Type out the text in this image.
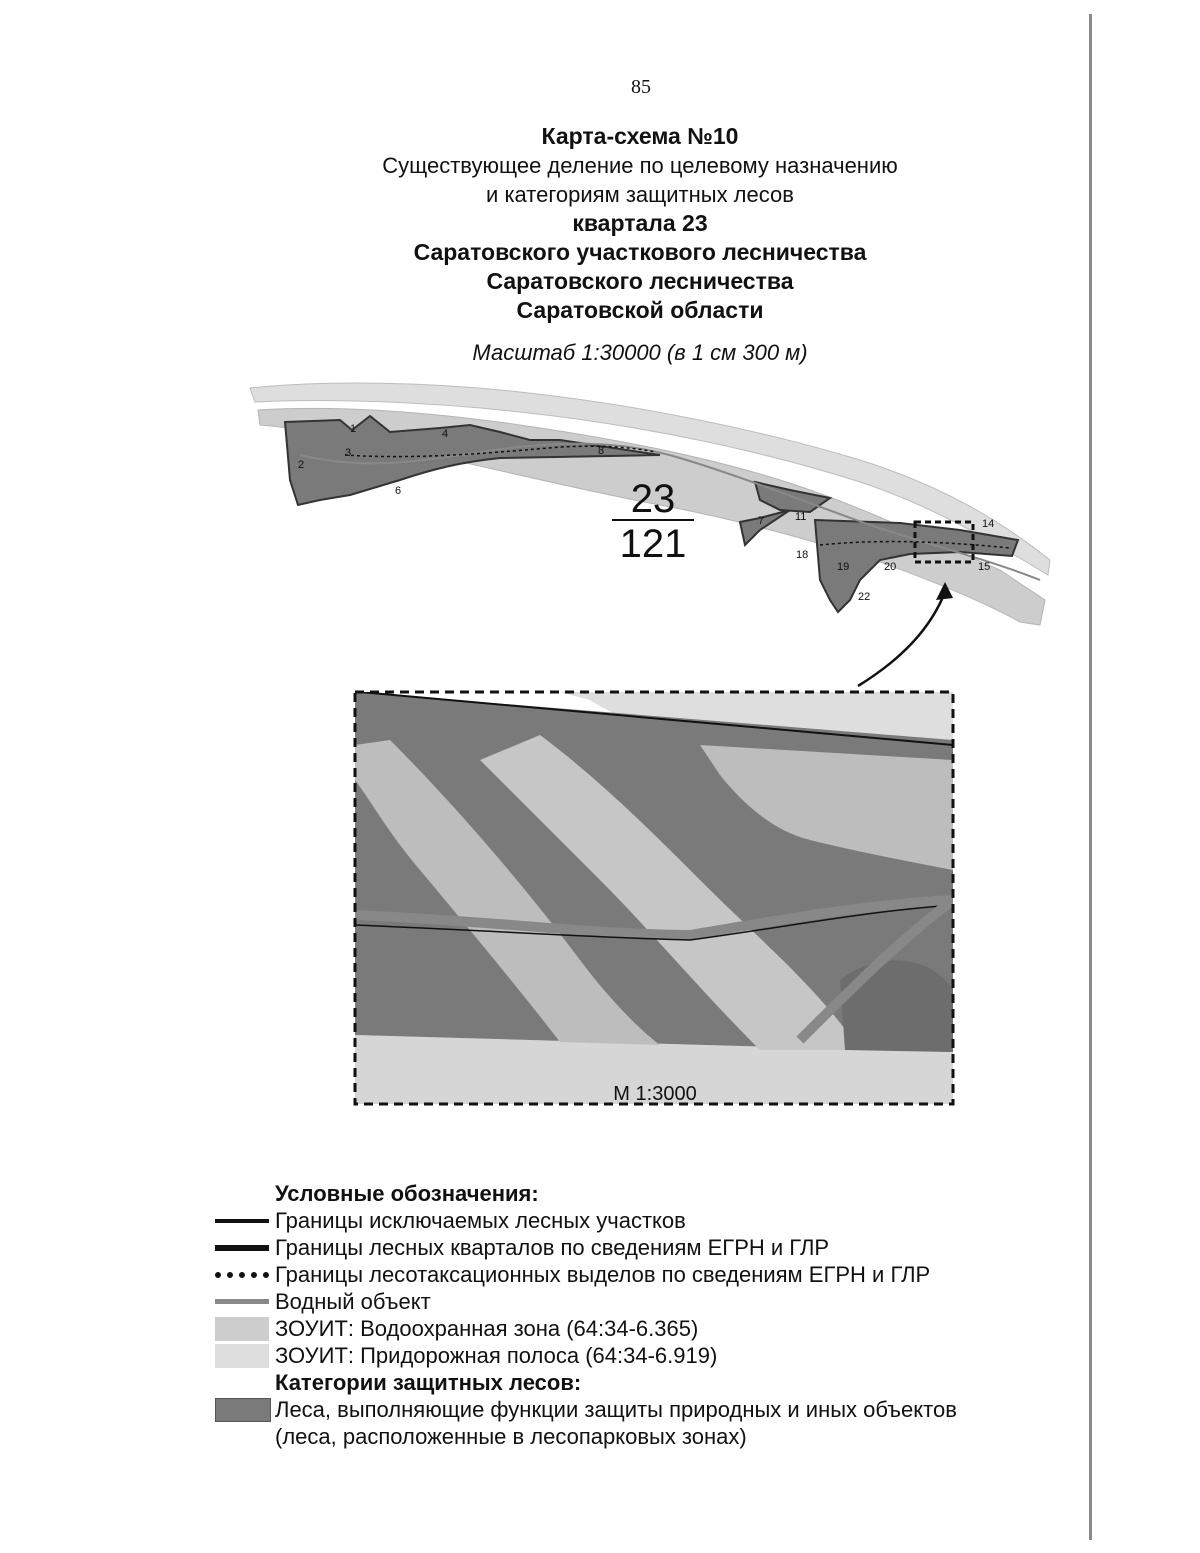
85
Карта-схема №10
Существующее деление по целевому назначению
и категориям защитных лесов
квартала 23
Саратовского участкового лесничества
Саратовского лесничества
Саратовской области
Масштаб 1:30000 (в 1 см 300 м)
1
2
3
4
6
7
8
11
14
15
18
19	20
22
23
121
М 1:3000
Условные обозначения:
Границы исключаемых лесных участков
Границы лесных кварталов по сведениям ЕГРН и ГЛР
Границы лесотаксационных выделов по сведениям ЕГРН и ГЛР
Водный объект
ЗОУИТ: Водоохранная зона (64:34-6.365)
ЗОУИТ: Придорожная полоса (64:34-6.919)
Категории защитных лесов:
Леса, выполняющие функции защиты природных и иных объектов (леса, расположенные в лесопарковых зонах)
